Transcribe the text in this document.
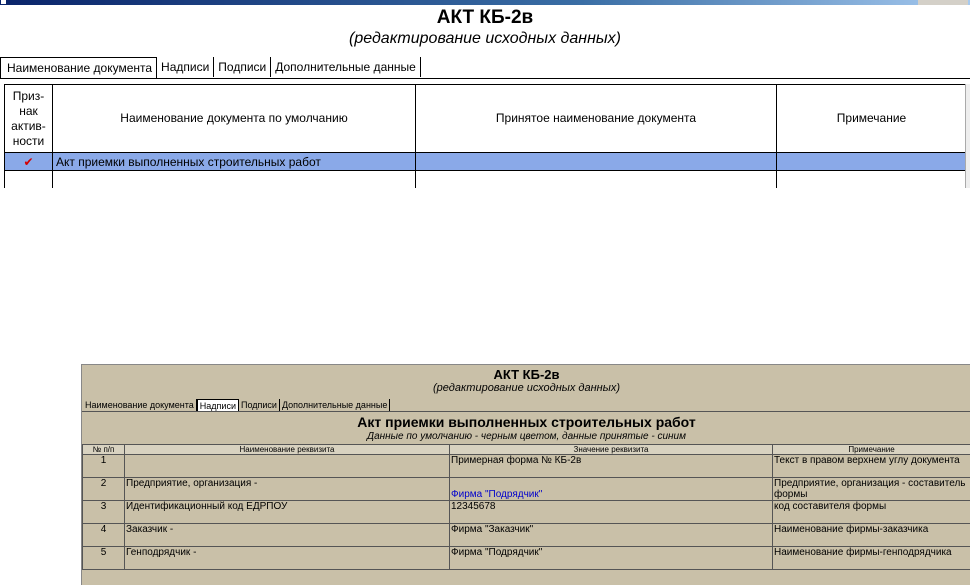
АКТ КБ-2в
(редактирование исходных данных)
Наименование документа Надписи Подписи Дополнительные данные
Приз-нак актив-ности	Наименование документа по умолчанию	Принятое наименование документа	Примечание
✔	Акт приемки выполненных строительных работ		

АКТ КБ-2в
(редактирование исходных данных)
Наименование документа Надписи Подписи Дополнительные данные
Акт приемки выполненных строительных работ
Данные по умолчанию - черным цветом, данные принятые - синим
№ п/п	Наименование реквизита	Значение реквизита	Примечание
1		Примерная форма № КБ-2в	Текст в правом верхнем углу документа
2	Предприятие, организация -	Фирма "Подрядчик"	Предприятие, организация - составитель формы
3	Идентификационный код ЕДРПОУ	12345678	код составителя формы
4	Заказчик -	Фирма "Заказчик"	Наименование фирмы-заказчика
5	Генподрядчик -	Фирма "Подрядчик"	Наименование фирмы-генподрядчика
